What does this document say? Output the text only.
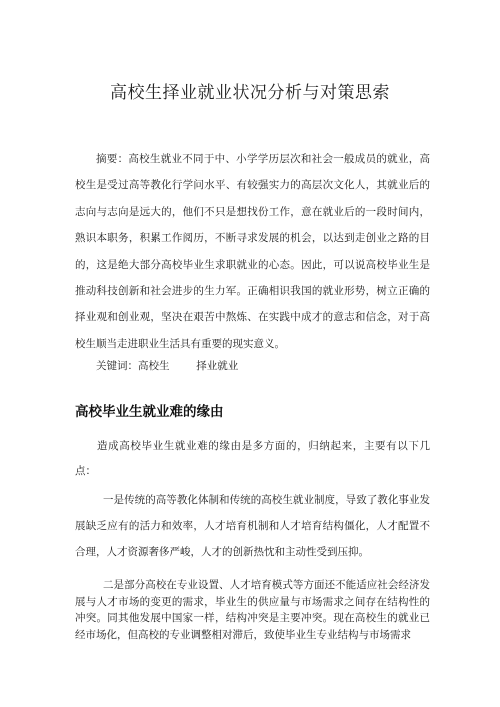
高校生择业就业状况分析与对策思索

摘要：高校生就业不同于中、小学学历层次和社会一般成员的就业，高校生是受过高等教化行学问水平、有较强实力的高层次文化人，其就业后的志向与志向是远大的，他们不只是想找份工作，意在就业后的一段时间内，熟识本职务，积累工作阅历，不断寻求发展的机会，以达到走创业之路的目的，这是绝大部分高校毕业生求职就业的心态。因此，可以说高校毕业生是推动科技创新和社会进步的生力军。正确相识我国的就业形势，树立正确的择业观和创业观，坚决在艰苦中熬炼、在实践中成才的意志和信念，对于高校生顺当走进职业生活具有重要的现实意义。

关键词：高校生        择业就业

高校毕业生就业难的缘由

造成高校毕业生就业难的缘由是多方面的，归纳起来，主要有以下几点：

一是传统的高等教化体制和传统的高校生就业制度，导致了教化事业发展缺乏应有的活力和效率，人才培育机制和人才培育结构僵化，人才配置不合理，人才资源奢侈严峻，人才的创新热忱和主动性受到压抑。

二是部分高校在专业设置、人才培育模式等方面还不能适应社会经济发展与人才市场的变更的需求，毕业生的供应量与市场需求之间存在结构性的冲突。同其他发展中国家一样，结构冲突是主要冲突。现在高校生的就业已经市场化，但高校的专业调整相对滞后，致使毕业生专业结构与市场需求
